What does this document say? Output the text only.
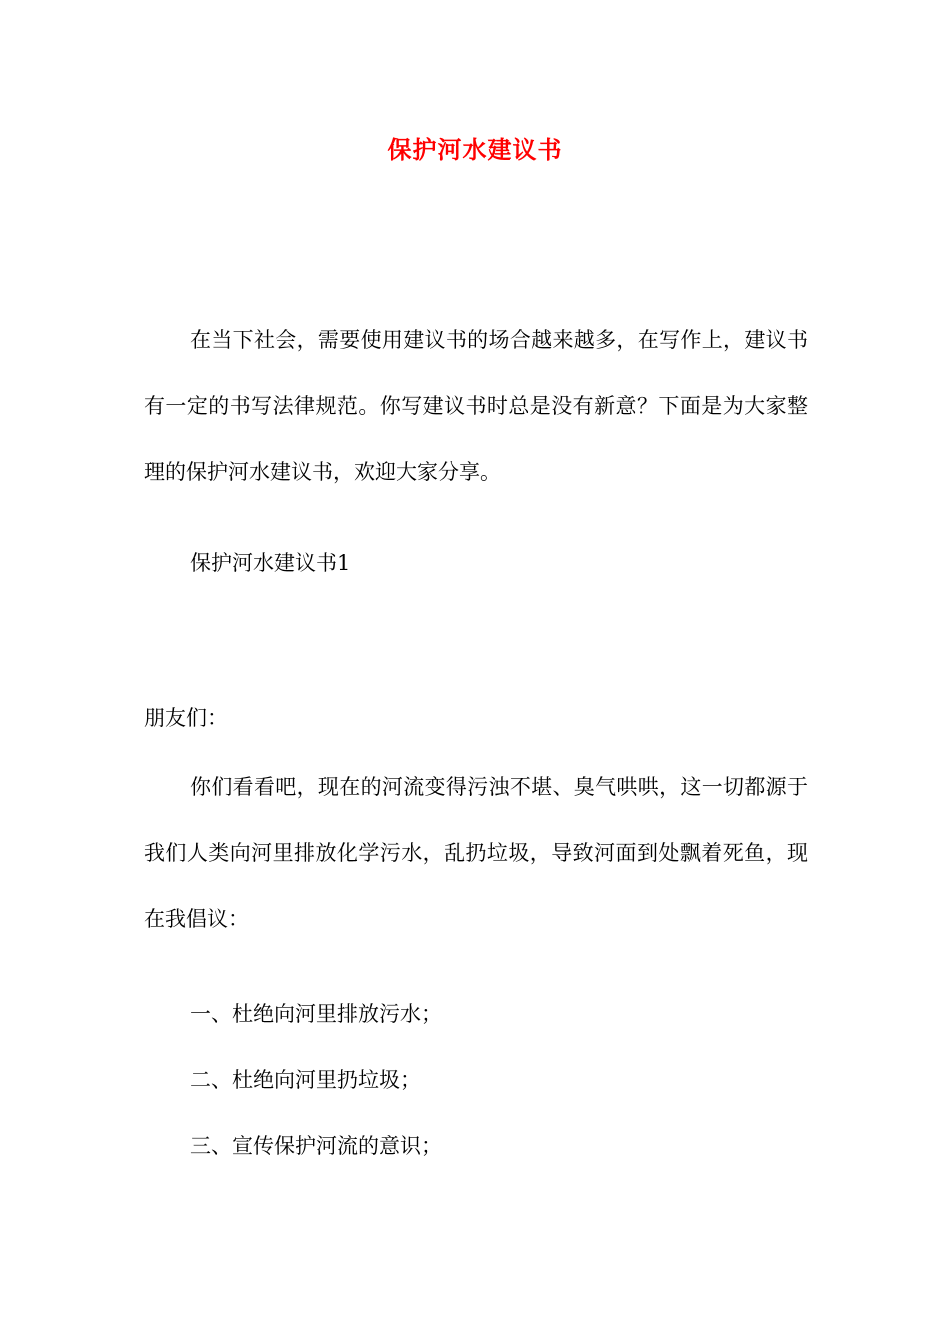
保护河水建议书

在当下社会，需要使用建议书的场合越来越多，在写作上，建议书有一定的书写法律规范。你写建议书时总是没有新意？下面是为大家整理的保护河水建议书，欢迎大家分享。

保护河水建议书1

朋友们：

你们看看吧，现在的河流变得污浊不堪、臭气哄哄，这一切都源于我们人类向河里排放化学污水，乱扔垃圾，导致河面到处飘着死鱼，现在我倡议：

一、杜绝向河里排放污水；

二、杜绝向河里扔垃圾；

三、宣传保护河流的意识；
